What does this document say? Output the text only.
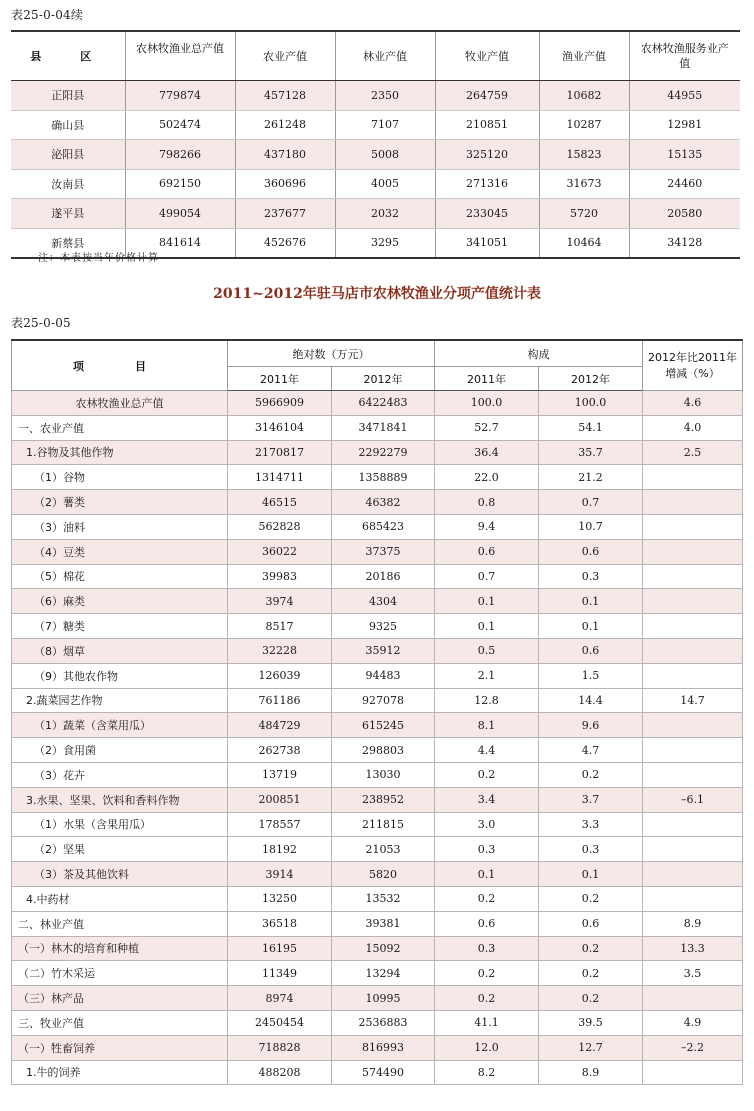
表25-0-04续
县　区	农林牧渔业总产值	农业产值	林业产值	牧业产值	渔业产值	农林牧渔服务业产值
正阳县	779874	457128	2350	264759	10682	44955
确山县	502474	261248	7107	210851	10287	12981
泌阳县	798266	437180	5008	325120	15823	15135
汝南县	692150	360696	4005	271316	31673	24460
遂平县	499054	237677	2032	233045	5720	20580
新蔡县	841614	452676	3295	341051	10464	34128
注：本表按当年价格计算
2011~2012年驻马店市农林牧渔业分项产值统计表
表25-0-05
项　目	绝对数（万元）		构成		2012年比2011年增减（%）
	2011年	2012年	2011年	2012年	
农林牧渔业总产值	5966909	6422483	100.0	100.0	4.6
一、农业产值	3146104	3471841	52.7	54.1	4.0
1.谷物及其他作物	2170817	2292279	36.4	35.7	2.5
（1）谷物	1314711	1358889	22.0	21.2	
（2）薯类	46515	46382	0.8	0.7	
（3）油料	562828	685423	9.4	10.7	
（4）豆类	36022	37375	0.6	0.6	
（5）棉花	39983	20186	0.7	0.3	
（6）麻类	3974	4304	0.1	0.1	
（7）糖类	8517	9325	0.1	0.1	
（8）烟草	32228	35912	0.5	0.6	
（9）其他农作物	126039	94483	2.1	1.5	
2.蔬菜园艺作物	761186	927078	12.8	14.4	14.7
（1）蔬菜（含菜用瓜）	484729	615245	8.1	9.6	
（2）食用菌	262738	298803	4.4	4.7	
（3）花卉	13719	13030	0.2	0.2	
3.水果、坚果、饮料和香料作物	200851	238952	3.4	3.7	–6.1
（1）水果（含果用瓜）	178557	211815	3.0	3.3	
（2）坚果	18192	21053	0.3	0.3	
（3）茶及其他饮料	3914	5820	0.1	0.1	
4.中药材	13250	13532	0.2	0.2	
二、林业产值	36518	39381	0.6	0.6	8.9
（一）林木的培育和种植	16195	15092	0.3	0.2	13.3
（二）竹木采运	11349	13294	0.2	0.2	3.5
（三）林产品	8974	10995	0.2	0.2	
三、牧业产值	2450454	2536883	41.1	39.5	4.9
（一）牲畜饲养	718828	816993	12.0	12.7	–2.2
1.牛的饲养	488208	574490	8.2	8.9	
